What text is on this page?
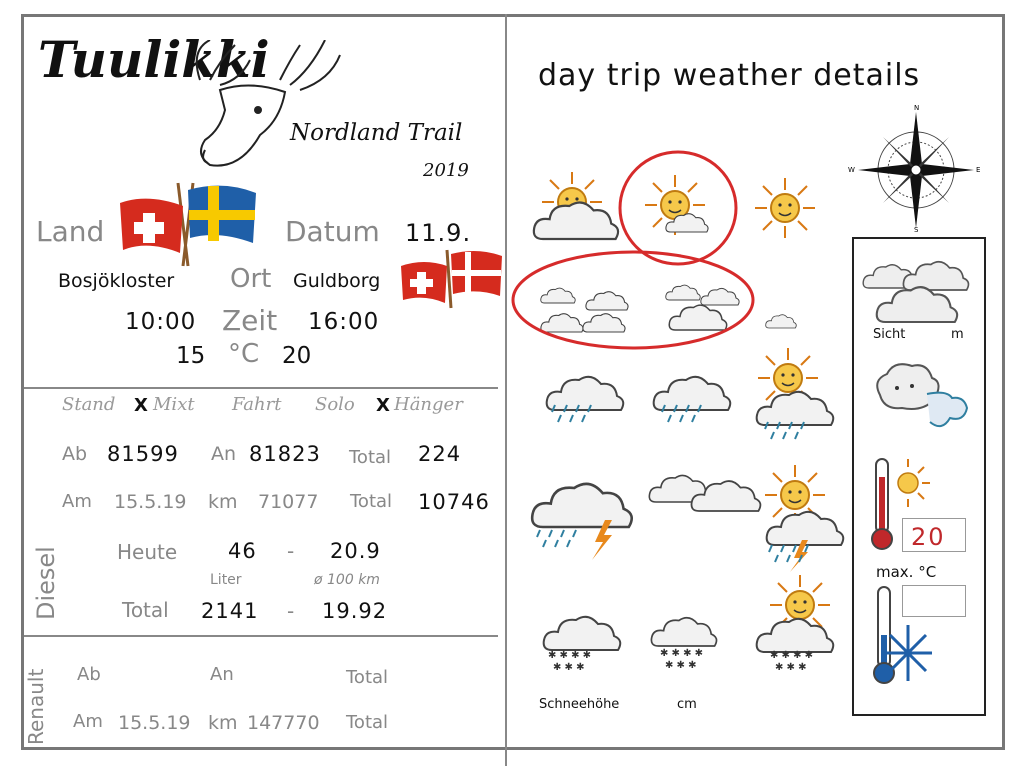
Tuulikki
Nordland Trail
2019
Land	Datum 11.9.
Bosjökloster Ort Guldborg
10:00 Zeit 16:00
15 °C 20
Stand X Mixt Fahrt Solo X Hänger
Ab 81599 An 81823 Total 224
Am 15.5.19 km 71077 Total 10746
Diesel	Heute 46 - 20.9
Liter	ø 100 km
Total 2141 - 19.92
Renault Ab	An	Total
Am 15.5.19 km 147770 Total
day trip weather details
N
E
S
W
✱ ✱ ✱ ✱
✱ ✱ ✱
Schneehöhe	cm
Sicht	m
20
max. °C
